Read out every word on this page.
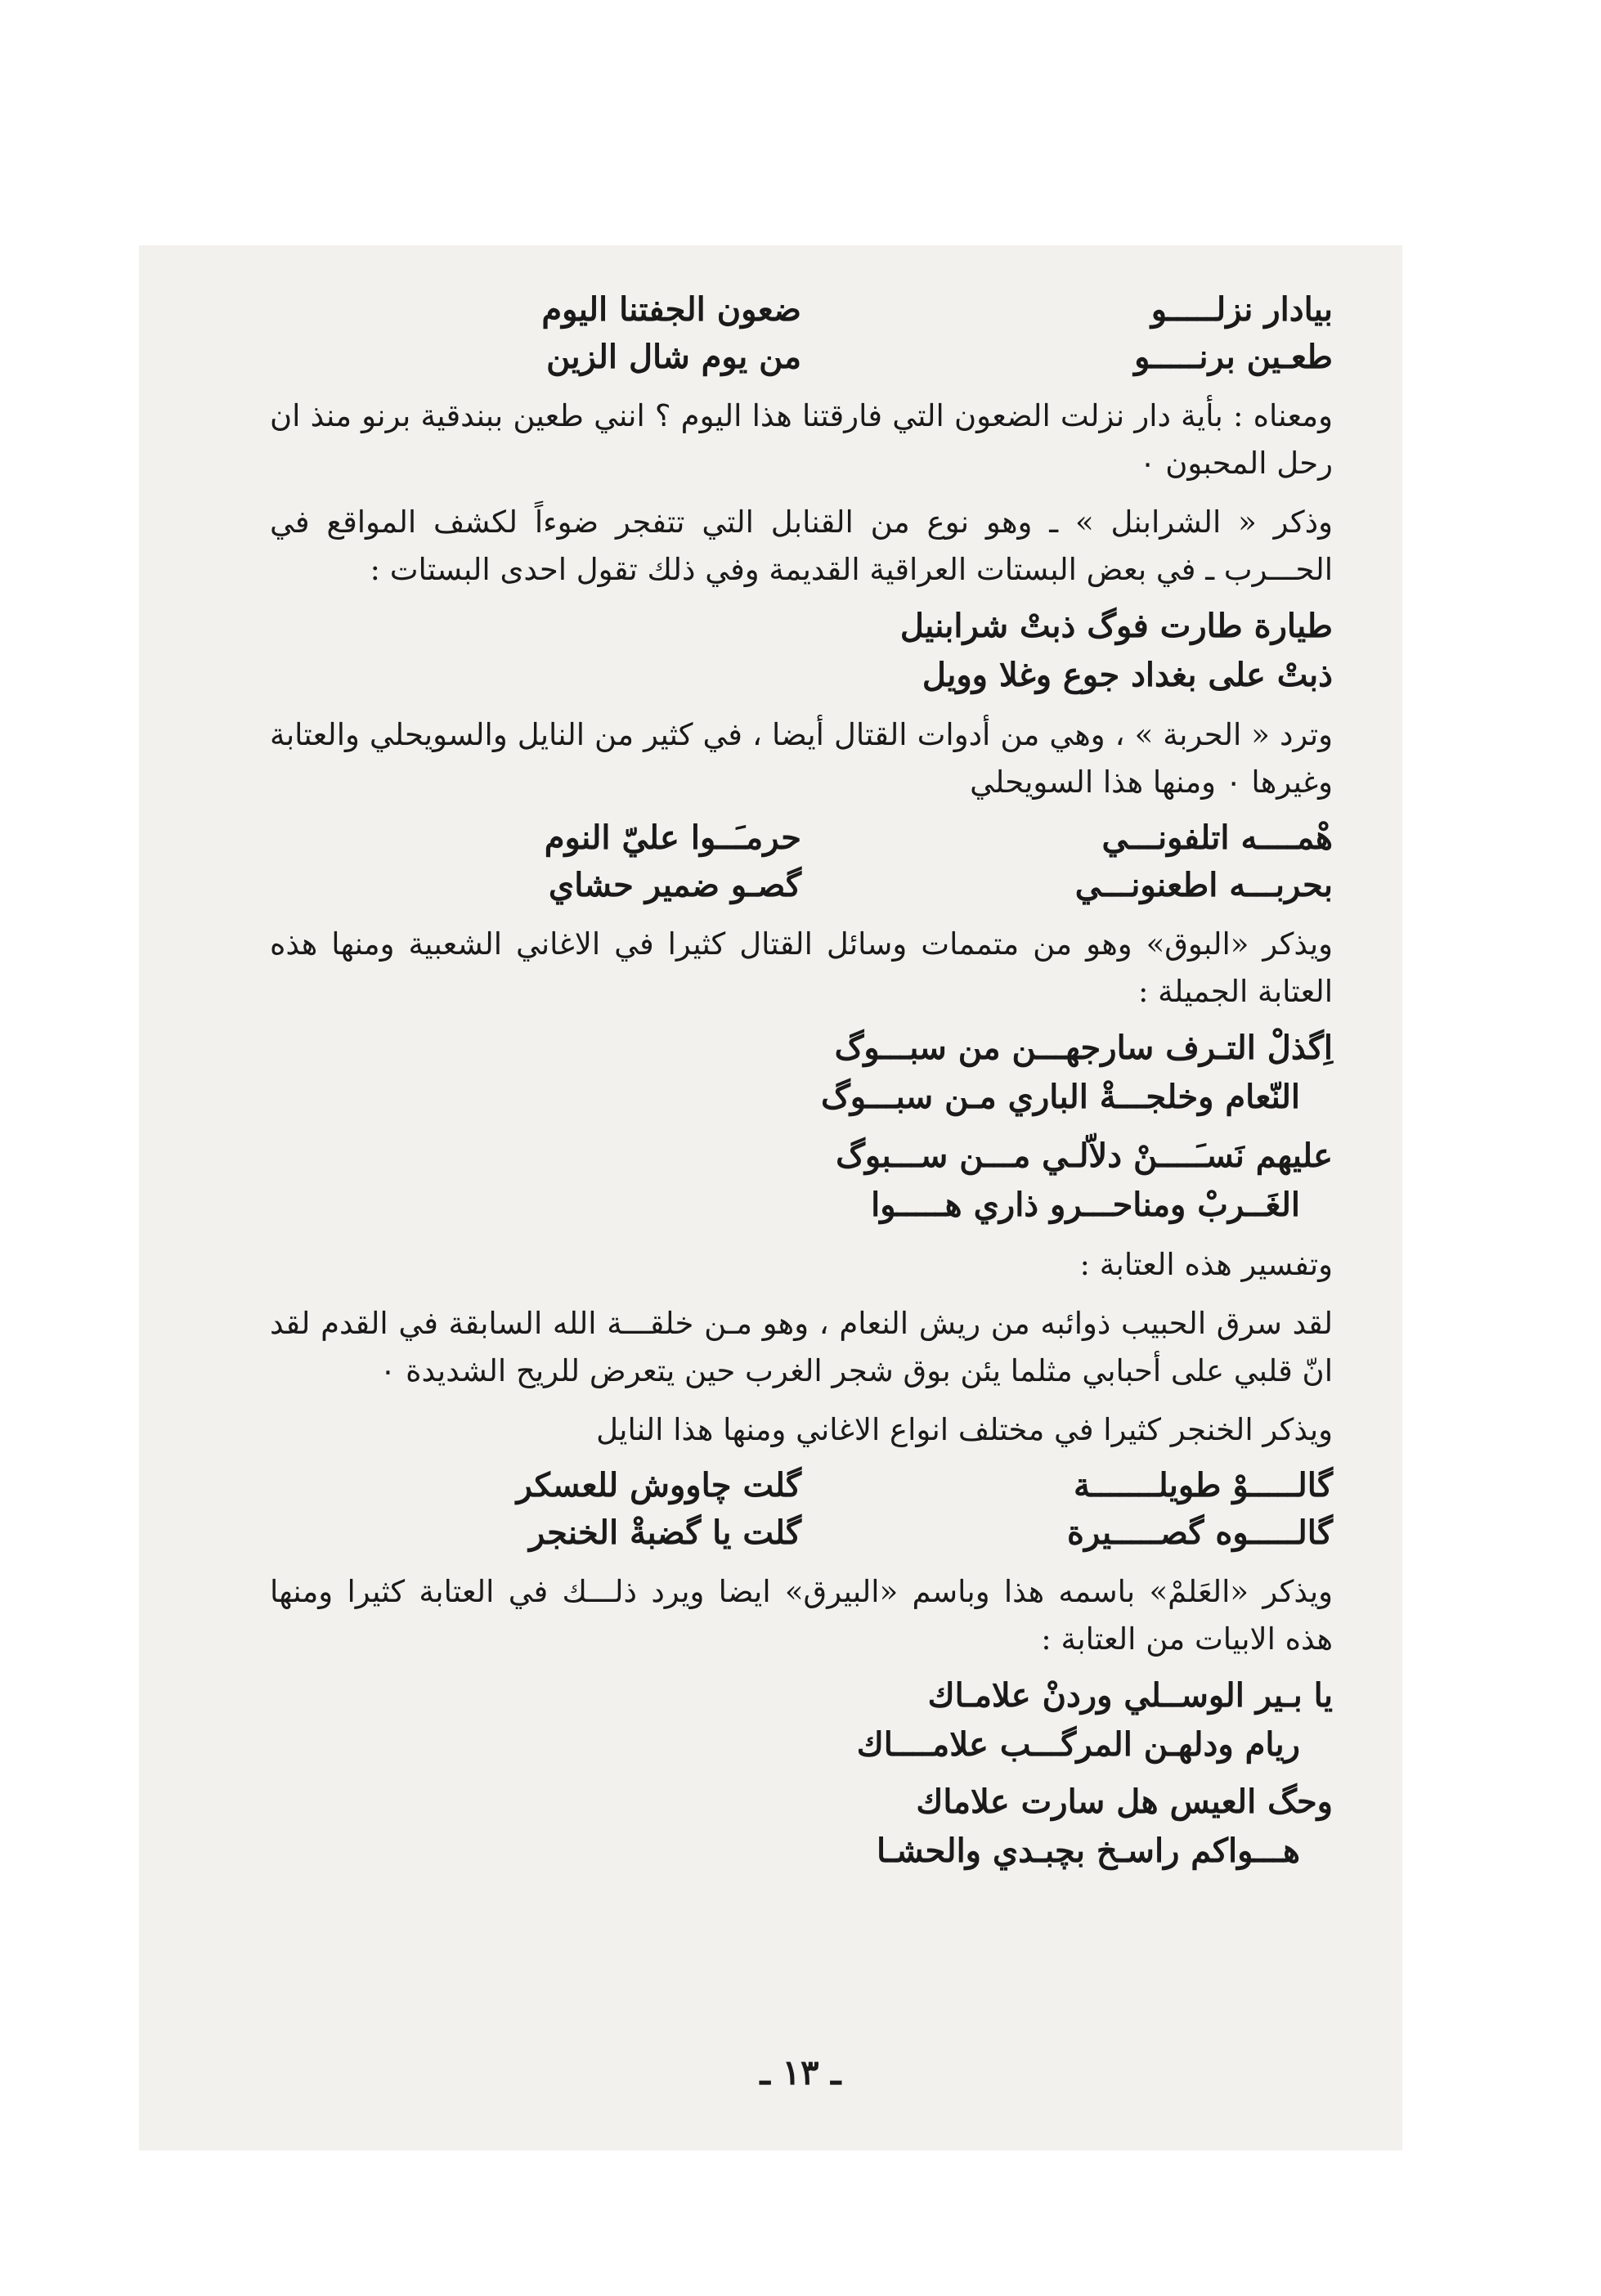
بيادار نزلـــــو
طعـين برنـــــو
ضعون الجفتنا اليوم
من يوم شال الزين

ومعناه : بأية دار نزلت الضعون التي فارقتنا هذا اليوم ؟ انني طعين ببندقية برنو منذ ان رحل المحبون ٠

وذكر « الشرابنل » ـ وهو نوع من القنابل التي تتفجر ضوءاً لكشف المواقع في الحـــرب ـ في بعض البستات العراقية القديمة وفي ذلك تقول احدى البستات :

طيارة طارت فوگ ذبتْ شرابنيل
ذبتْ على بغداد جوع وغلا وويل

وترد « الحربة » ، وهي من أدوات القتال أيضا ، في كثير من النايل والسويحلي والعتابة وغيرها ٠ ومنها هذا السويحلي

هْمــــه اتلفونـــي
بحربـــه اطعنونـــي
حرمـَــوا عليّ النوم
گصـو ضمير حشاي

ويذكر «البوق» وهو من متممات وسائل القتال كثيرا في الاغاني الشعبية ومنها هذه العتابة الجميلة :

اِگذلْ التـرف سارجهـــن من سبـــوگ
النّعام وخلجـــةْ الباري مـن سبـــوگ
عليهم نَسـَــــنْ دلاّلـي مـــن ســـبوگ
الغَــربْ ومناحـــرو ذاري هـــــوا

وتفسير هذه العتابة :

لقد سرق الحبيب ذوائبه من ريش النعام ، وهو مـن خلقـــة الله السابقة في القدم لقد انّ قلبي على أحبابي مثلما يئن بوق شجر الغرب حين يتعرض للريح الشديدة ٠

ويذكر الخنجر كثيرا في مختلف انواع الاغاني ومنها هذا النايل

گالـــــوْ طويلـــــــة
گالـــــوه گصـــــيرة
گلت چاووش للعسكر
گلت يا گضبةْ الخنجر

ويذكر «العَلمْ» باسمه هذا وباسم «البيرق» ايضا ويرد ذلـــك في العتابة كثيرا ومنها هذه الابيات من العتابة :

يا بـير الوســلي وردنْ علامـاك
ريام ودلهـن المرگـــب علامــــاك
وحگ العيس هل سارت علاماك
هـــواكم راسـخ بچبـدي والحشـا
ـ ١٣ ـ
